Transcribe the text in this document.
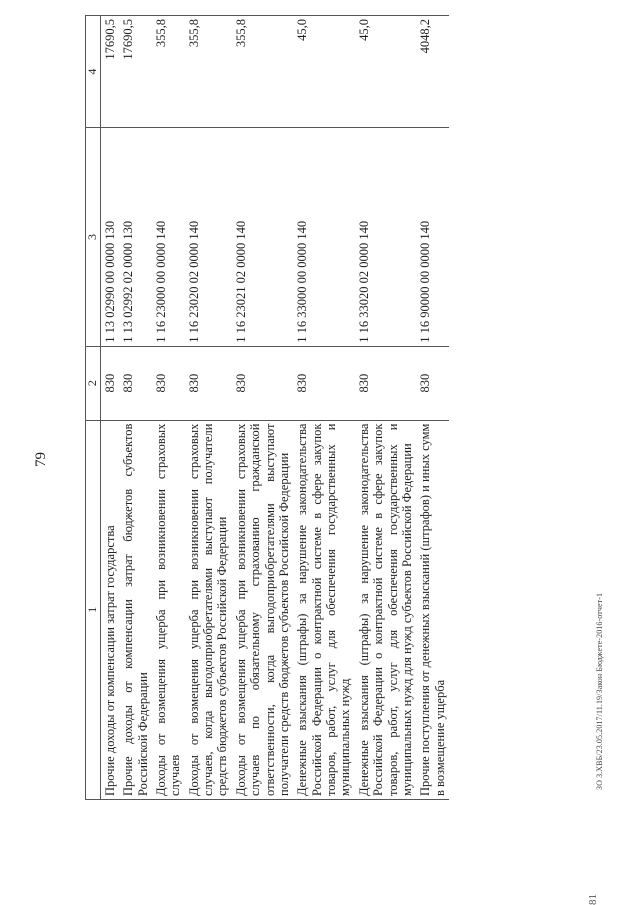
79
1	2	3	4
Прочие доходы от компенсации затрат государства	830	1 13 02990 00 0000 130	17690,5
Прочие доходы от компенсации затрат бюджетов субъектов Российской Федерации	830	1 13 02992 02 0000 130	17690,5
Доходы от возмещения ущерба при возникновении страховых случаев	830	1 16 23000 00 0000 140	355,8
Доходы от возмещения ущерба при возникновении страховых случаев, когда выгодоприобретателями выступают получатели средств бюджетов субъектов Российской Федерации	830	1 16 23020 02 0000 140	355,8
Доходы от возмещения ущерба при возникновении страховых случаев по обязательному страхованию гражданской ответственности, когда выгодоприобретателями выступают получатели средств бюджетов субъектов Российской Федерации	830	1 16 23021 02 0000 140	355,8
Денежные взыскания (штрафы) за нарушение законодательства Российской Федерации о контрактной системе в сфере закупок товаров, работ, услуг для обеспечения государственных и муниципальных нужд	830	1 16 33000 00 0000 140	45,0
Денежные взыскания (штрафы) за нарушение законодательства Российской Федерации о контрактной системе в сфере закупок товаров, работ, услуг для обеспечения государственных и муниципальных нужд для нужд субъектов Российской Федерации	830	1 16 33020 02 0000 140	45,0
Прочие поступления от денежных взысканий (штрафов) и иных сумм в возмещение ущерба	830	1 16 90000 00 0000 140	4048,2
ЗО З.ХВБ/23.05.2017/11.19/Закон Бюджете-2016-отчет-1
81
